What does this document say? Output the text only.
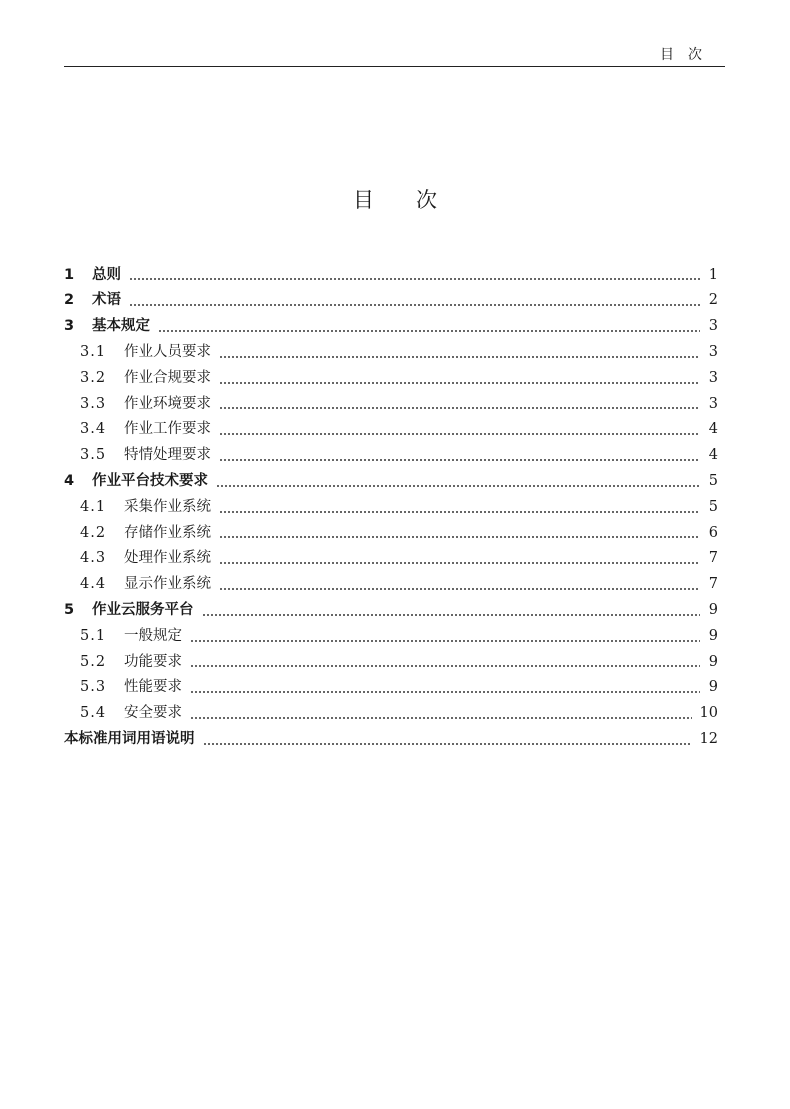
目次
目次
1	总则	1
2	术语	2
3	基本规定	3
3.1	作业人员要求	3
3.2	作业合规要求	3
3.3	作业环境要求	3
3.4	作业工作要求	4
3.5	特情处理要求	4
4	作业平台技术要求	5
4.1	采集作业系统	5
4.2	存储作业系统	6
4.3	处理作业系统	7
4.4	显示作业系统	7
5	作业云服务平台	9
5.1	一般规定	9
5.2	功能要求	9
5.3	性能要求	9
5.4	安全要求	10
本标准用词用语说明	12
